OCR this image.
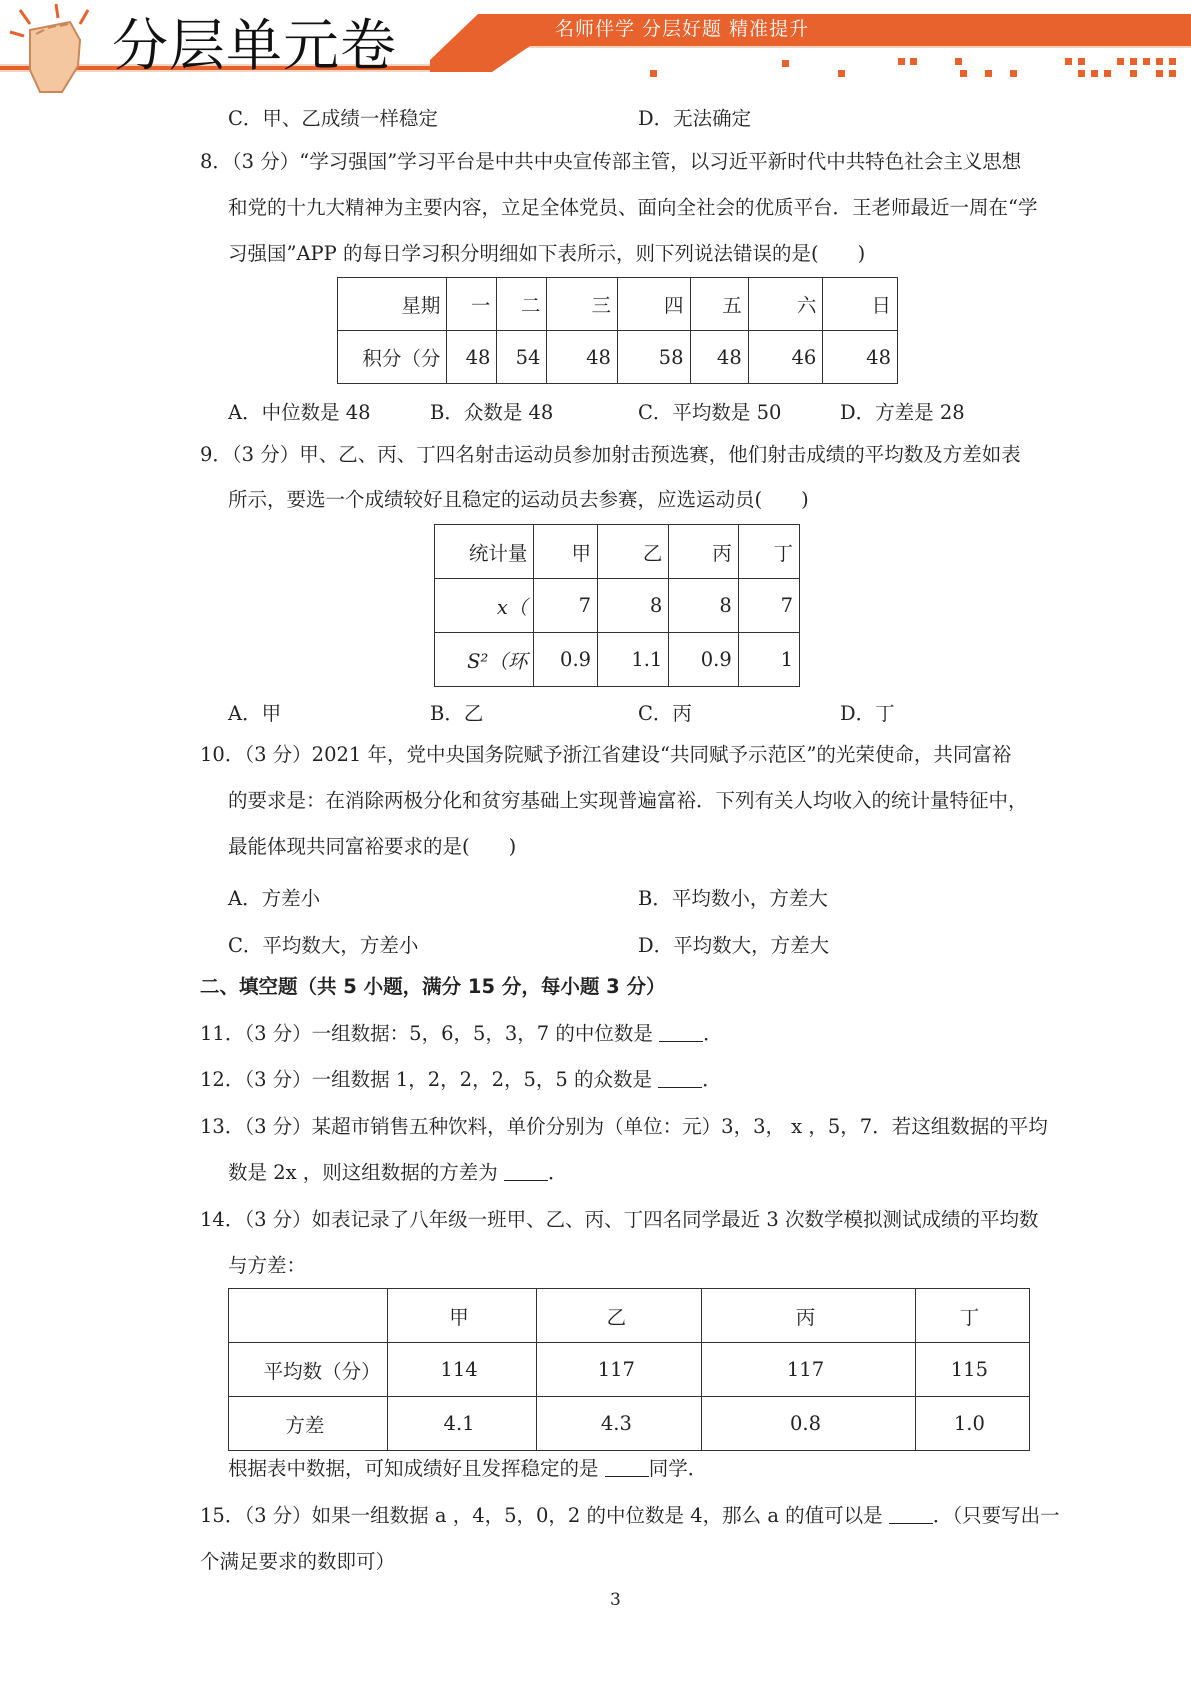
分层单元卷	名师伴学 分层好题 精准提升
C．甲、乙成绩一样稳定	D．无法确定
8．（3 分）“学习强国”学习平台是中共中央宣传部主管，以习近平新时代中共特色社会主义思想
和党的十九大精神为主要内容，立足全体党员、面向全社会的优质平台．王老师最近一周在“学
习强国”APP 的每日学习积分明细如下表所示，则下列说法错误的是(　　)
星期	一	二	三	四	五	六	日
积分（分	48	54	48	58	48	46	48
A．中位数是 48	B．众数是 48	C．平均数是 50	D．方差是 28
9．（3 分）甲、乙、丙、丁四名射击运动员参加射击预选赛，他们射击成绩的平均数及方差如表
所示，要选一个成绩较好且稳定的运动员去参赛，应选运动员(　　)
统计量	甲	乙	丙	丁
x（	7	8	8	7
S²（环	0.9	1.1	0.9	1
A．甲	B．乙	C．丙	D．丁
10．（3 分）2021 年，党中央国务院赋予浙江省建设“共同赋予示范区”的光荣使命，共同富裕
的要求是：在消除两极分化和贫穷基础上实现普遍富裕．下列有关人均收入的统计量特征中，
最能体现共同富裕要求的是(　　)
A．方差小	B．平均数小，方差大
C．平均数大，方差小	D．平均数大，方差大
二、填空题（共 5 小题，满分 15 分，每小题 3 分）
11．（3 分）一组数据：5，6，5，3，7 的中位数是 ．
12．（3 分）一组数据 1，2，2，2，5，5 的众数是 ．
13．（3 分）某超市销售五种饮料，单价分别为（单位：元）3，3， x ，5，7．若这组数据的平均
数是 2x ，则这组数据的方差为 ．
14．（3 分）如表记录了八年级一班甲、乙、丙、丁四名同学最近 3 次数学模拟测试成绩的平均数
与方差：
	甲	乙	丙	丁
平均数（分）	114	117	117	115
方差	4.1	4.3	0.8	1.0
根据表中数据，可知成绩好且发挥稳定的是 同学．
15．（3 分）如果一组数据 a ，4，5，0，2 的中位数是 4，那么 a 的值可以是 ．（只要写出一
个满足要求的数即可）
3
